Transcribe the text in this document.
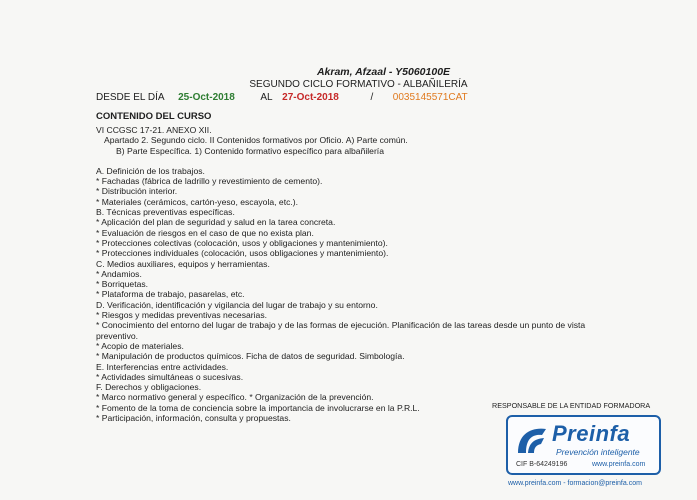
Akram, Afzaal - Y5060100E
SEGUNDO CICLO FORMATIVO - ALBAÑILERÍA
DESDE EL DÍA 25-Oct-2018	AL 27-Oct-2018	/ 0035145571CAT
CONTENIDO DEL CURSO
VI CCGSC 17-21. ANEXO XII.
Apartado 2. Segundo ciclo. II Contenidos formativos por Oficio. A) Parte común.
B) Parte Específica. 1) Contenido formativo específico para albañilería
A. Definición de los trabajos.
* Fachadas (fábrica de ladrillo y revestimiento de cemento).
* Distribución interior.
* Materiales (cerámicos, cartón-yeso, escayola, etc.).
B. Técnicas preventivas específicas.
* Aplicación del plan de seguridad y salud en la tarea concreta.
* Evaluación de riesgos en el caso de que no exista plan.
* Protecciones colectivas (colocación, usos y obligaciones y mantenimiento).
* Protecciones individuales (colocación, usos obligaciones y mantenimiento).
C. Medios auxiliares, equipos y herramientas.
* Andamios.
* Borriquetas.
* Plataforma de trabajo, pasarelas, etc.
D. Verificación, identificación y vigilancia del lugar de trabajo y su entorno.
* Riesgos y medidas preventivas necesarias.
* Conocimiento del entorno del lugar de trabajo y de las formas de ejecución. Planificación de las tareas desde un punto de vista
preventivo.
* Acopio de materiales.
* Manipulación de productos químicos. Ficha de datos de seguridad. Simbología.
E. Interferencias entre actividades.
* Actividades simultáneas o sucesivas.
F. Derechos y obligaciones.
* Marco normativo general y específico. * Organización de la prevención.
* Fomento de la toma de conciencia sobre la importancia de involucrarse en la P.R.L.
* Participación, información, consulta y propuestas.
RESPONSABLE DE LA ENTIDAD FORMADORA
Preinfa
Prevención inteligente
CIF B-64249196	www.preinfa.com
www.preinfa.com - formacion@preinfa.com
